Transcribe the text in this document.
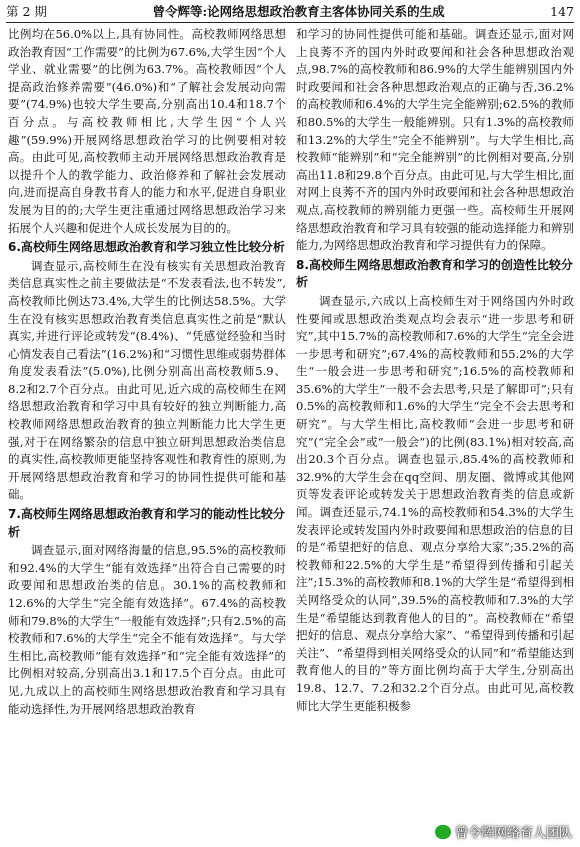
第 2 期	曾令辉等:论网络思想政治教育主客体协同关系的生成	147

比例均在56.0%以上,具有协同性。高校教师网络思想政治教育因“工作需要”的比例为67.6%,大学生因“个人学业、就业需要”的比例为63.7%。高校教师因“个人提高政治修养需要”(46.0%)和“了解社会发展动向需要”(74.9%)也较大学生要高,分别高出10.4和18.7个百分点。与高校教师相比,大学生因“个人兴趣”(59.9%)开展网络思想政治学习的比例要相对较高。由此可见,高校教师主动开展网络思想政治教育是以提升个人的教学能力、政治修养和了解社会发展动向,进而提高自身教书育人的能力和水平,促进自身职业发展为目的的;大学生更注重通过网络思想政治学习来拓展个人兴趣和促进个人成长发展为目的的。

6.高校师生网络思想政治教育和学习独立性比较分析

调查显示,高校师生在没有核实有关思想政治教育类信息真实性之前主要做法是“不发表看法,也不转发”,高校教师比例达73.4%,大学生的比例达58.5%。大学生在没有核实思想政治教育类信息真实性之前是“默认真实,并进行评论或转发”(8.4%)、“凭感觉经验和当时心情发表自己看法”(16.2%)和“习惯性思维或弱势群体角度发表看法”(5.0%),比例分别高出高校教师5.9、8.2和2.7个百分点。由此可见,近六成的高校师生在网络思想政治教育和学习中具有较好的独立判断能力,高校教师网络思想政治教育的独立判断能力比大学生更强,对于在网络繁杂的信息中独立研判思想政治类信息的真实性,高校教师更能坚持客观性和教育性的原则,为开展网络思想政治教育和学习的协同性提供可能和基础。

7.高校师生网络思想政治教育和学习的能动性比较分析

调查显示,面对网络海量的信息,95.5%的高校教师和92.4%的大学生“能有效选择”出符合自己需要的时政要闻和思想政治类的信息。30.1%的高校教师和12.6%的大学生“完全能有效选择”。67.4%的高校教师和79.8%的大学生“一般能有效选择”;只有2.5%的高校教师和7.6%的大学生“完全不能有效选择”。与大学生相比,高校教师“能有效选择”和“完全能有效选择”的比例相对较高,分别高出3.1和17.5个百分点。由此可见,九成以上的高校师生网络思想政治教育和学习具有能动选择性,为开展网络思想政治教育

和学习的协同性提供可能和基础。调查还显示,面对网上良莠不齐的国内外时政要闻和社会各种思想政治观点,98.7%的高校教师和86.9%的大学生能辨别国内外时政要闻和社会各种思想政治观点的正确与否,36.2%的高校教师和6.4%的大学生完全能辨别;62.5%的教师和80.5%的大学生一般能辨别。只有1.3%的高校教师和13.2%的大学生“完全不能辨别”。与大学生相比,高校教师“能辨别”和“完全能辨别”的比例相对要高,分别高出11.8和29.8个百分点。由此可见,与大学生相比,面对网上良莠不齐的国内外时政要闻和社会各种思想政治观点,高校教师的辨别能力更强一些。高校师生开展网络思想政治教育和学习具有较强的能动选择能力和辨别能力,为网络思想政治教育和学习提供有力的保障。

8.高校师生网络思想政治教育和学习的创造性比较分析

调查显示,六成以上高校师生对于网络国内外时政性要闻或思想政治类观点均会表示“进一步思考和研究”,其中15.7%的高校教师和7.6%的大学生“完全会进一步思考和研究”;67.4%的高校教师和55.2%的大学生“一般会进一步思考和研究”;16.5%的高校教师和35.6%的大学生“一般不会去思考,只是了解即可”;只有0.5%的高校教师和1.6%的大学生“完全不会去思考和研究”。与大学生相比,高校教师“会进一步思考和研究”(“完全会”或“一般会”)的比例(83.1%)相对较高,高出20.3个百分点。调查也显示,85.4%的高校教师和32.9%的大学生会在qq空间、朋友圈、微博或其他网页等发表评论或转发关于思想政治教育类的信息或新闻。调查还显示,74.1%的高校教师和54.3%的大学生发表评论或转发国内外时政要闻和思想政治的信息的目的是“希望把好的信息、观点分享给大家”;35.2%的高校教师和22.5%的大学生是“希望得到传播和引起关注”;15.3%的高校教师和8.1%的大学生是“希望得到相关网络受众的认同”,39.5%的高校教师和7.3%的大学生是“希望能达到教育他人的目的”。高校教师在“希望把好的信息、观点分享给大家”、“希望得到传播和引起关注”、“希望得到相关网络受众的认同”和“希望能达到教育他人的目的”等方面比例均高于大学生,分别高出19.8、12.7、7.2和32.2个百分点。由此可见,高校教师比大学生更能积极参

曾令辉网络育人团队
